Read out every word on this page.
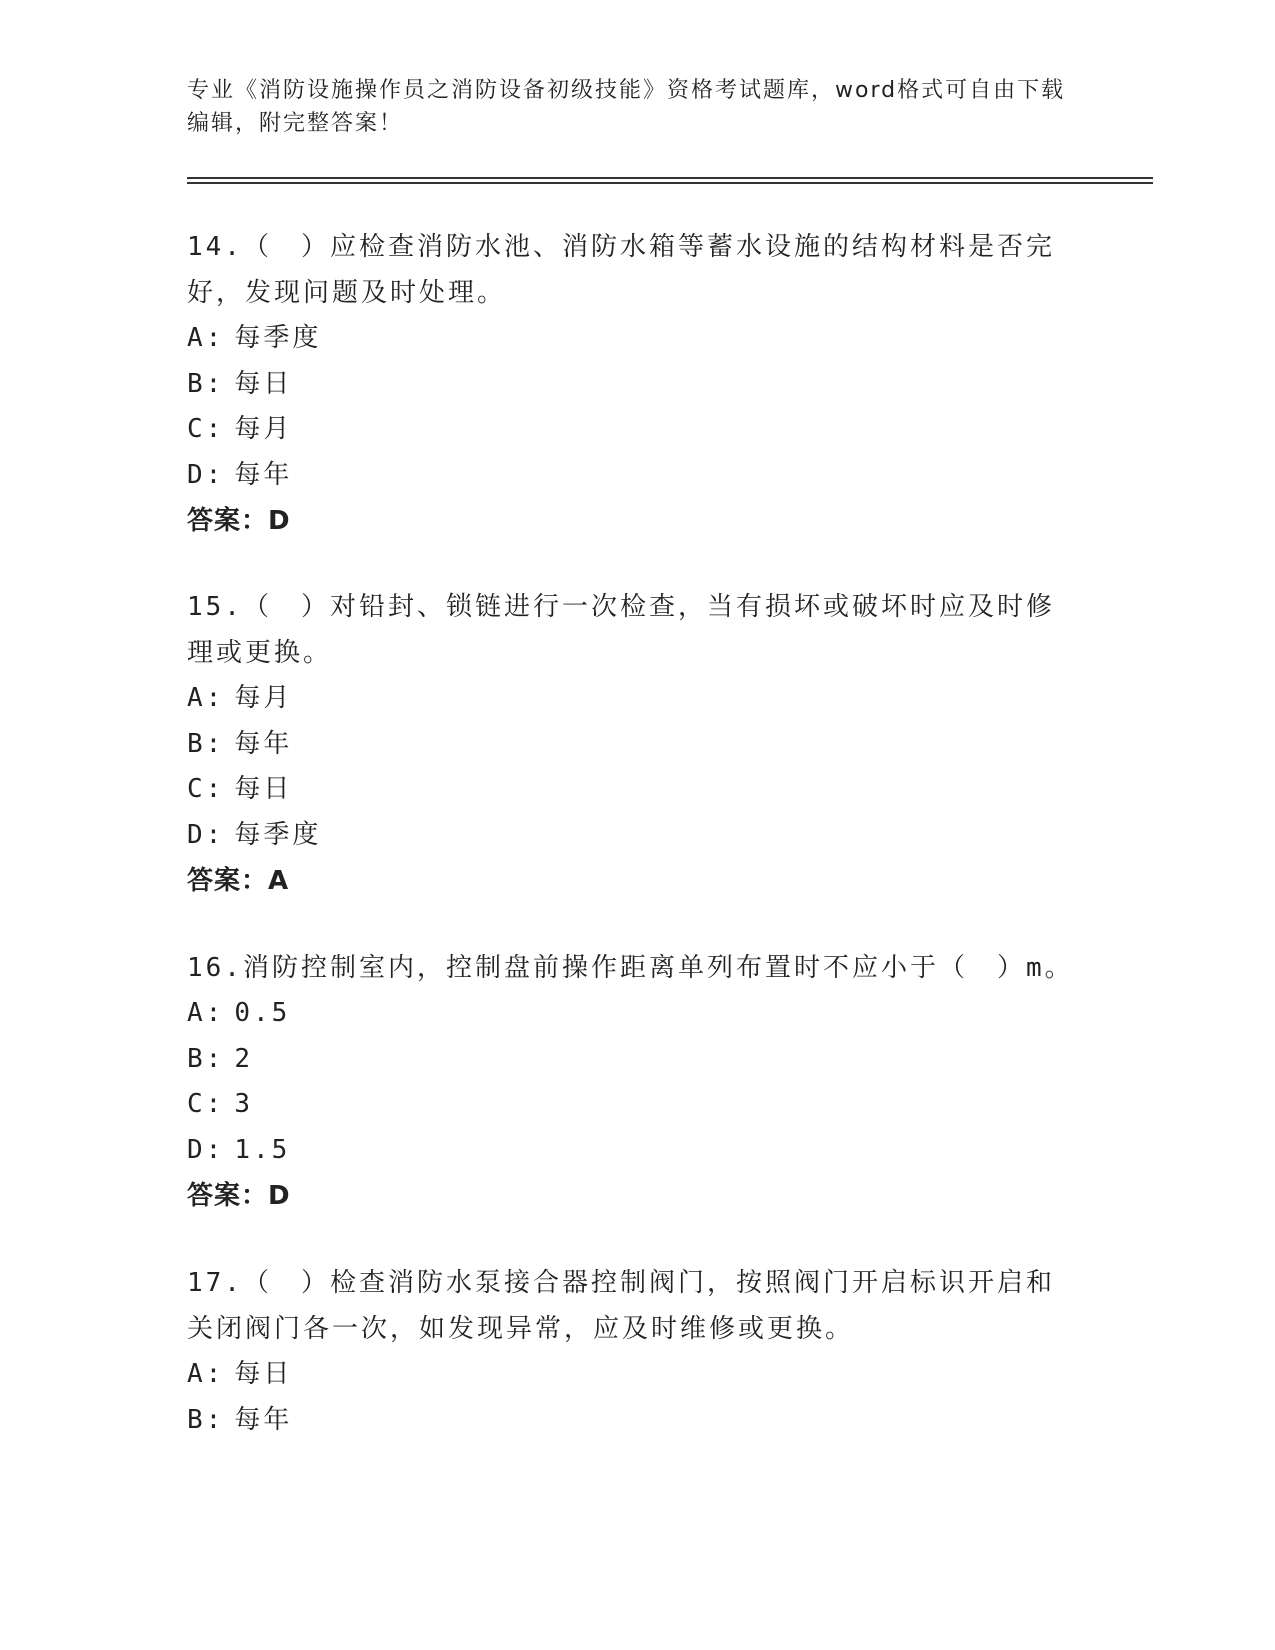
专业《消防设施操作员之消防设备初级技能》资格考试题库，word格式可自由下载编辑，附完整答案！

14.（　）应检查消防水池、消防水箱等蓄水设施的结构材料是否完好，发现问题及时处理。

A: 每季度

B: 每日

C: 每月

D: 每年

答案：D

15.（　）对铅封、锁链进行一次检查，当有损坏或破坏时应及时修理或更换。

A: 每月

B: 每年

C: 每日

D: 每季度

答案：A

16.消防控制室内，控制盘前操作距离单列布置时不应小于（　）m。

A: 0.5

B: 2

C: 3

D: 1.5

答案：D

17.（　）检查消防水泵接合器控制阀门，按照阀门开启标识开启和关闭阀门各一次，如发现异常，应及时维修或更换。

A: 每日

B: 每年
